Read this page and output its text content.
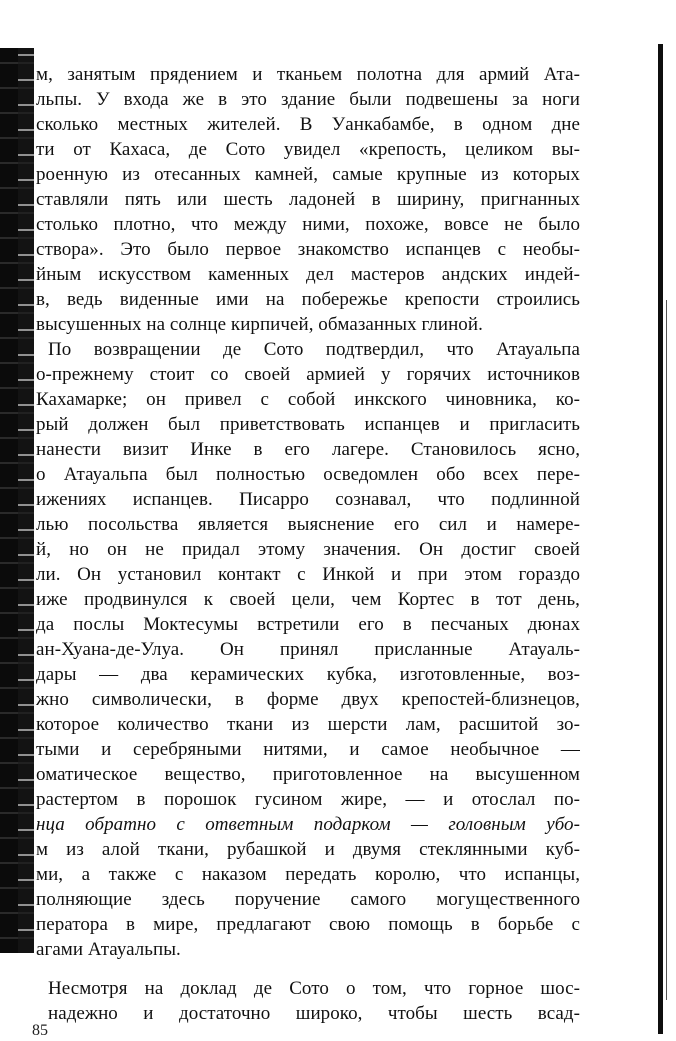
м, занятым прядением и тканьем полотна для армий Ата-
льпы. У входа же в это здание были подвешены за ноги
сколько местных жителей. В Уанкабамбе, в одном дне
ти от Кахаса, де Сото увидел «крепость, целиком вы-
роенную из отесанных камней, самые крупные из которых
ставляли пять или шесть ладоней в ширину, пригнанных
столько плотно, что между ними, похоже, вовсе не было
створа». Это было первое знакомство испанцев с необы-
йным искусством каменных дел мастеров андских индей-
в, ведь виденные ими на побережье крепости строились
высушенных на солнце кирпичей, обмазанных глиной.
По возвращении де Сото подтвердил, что Атауальпа
о-прежнему стоит со своей армией у горячих источников
Кахамарке; он привел с собой инкского чиновника, ко-
рый должен был приветствовать испанцев и пригласить
нанести визит Инке в его лагере. Становилось ясно,
о Атауальпа был полностью осведомлен обо всех пере-
ижениях испанцев. Писарро сознавал, что подлинной
лью посольства является выяснение его сил и намере-
й, но он не придал этому значения. Он достиг своей
ли. Он установил контакт с Инкой и при этом гораздо
иже продвинулся к своей цели, чем Кортес в тот день,
да послы Моктесумы встретили его в песчаных дюнах
ан-Хуана-де-Улуа. Он принял присланные Атауаль-
дары — два керамических кубка, изготовленные, воз-
жно символически, в форме двух крепостей-близнецов,
которое количество ткани из шерсти лам, расшитой зо-
тыми и серебряными нитями, и самое необычное —
оматическое вещество, приготовленное на высушенном
растертом в порошок гусином жире, — и отослал по-
нца обратно с ответным подарком — головным убо-
м из алой ткани, рубашкой и двумя стеклянными куб-
ми, а также с наказом передать королю, что испанцы,
полняющие здесь поручение самого могущественного
ператора в мире, предлагают свою помощь в борьбе с
агами Атауальпы.
Несмотря на доклад де Сото о том, что горное шос-
надежно и достаточно широко, чтобы шесть всад-
85
